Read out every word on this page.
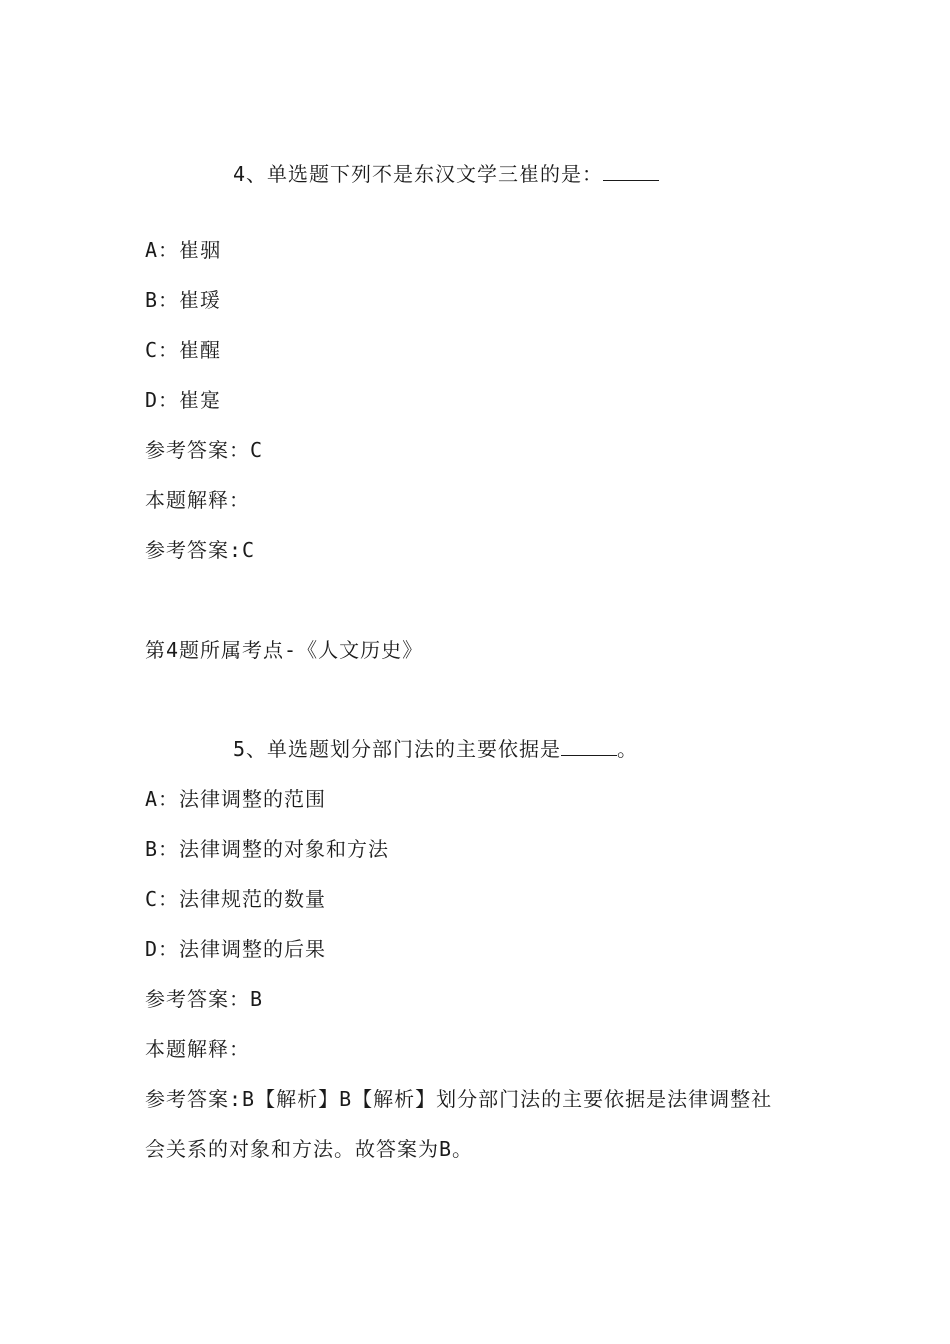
4、单选题下列不是东汉文学三崔的是：
A：崔骃
B：崔瑗
C：崔醒
D：崔寔
参考答案：C
本题解释：
参考答案:C
第4题所属考点-《人文历史》
5、单选题划分部门法的主要依据是	。
A：法律调整的范围
B：法律调整的对象和方法
C：法律规范的数量
D：法律调整的后果
参考答案：B
本题解释：
参考答案:B【解析】B【解析】划分部门法的主要依据是法律调整社
会关系的对象和方法。故答案为B。
